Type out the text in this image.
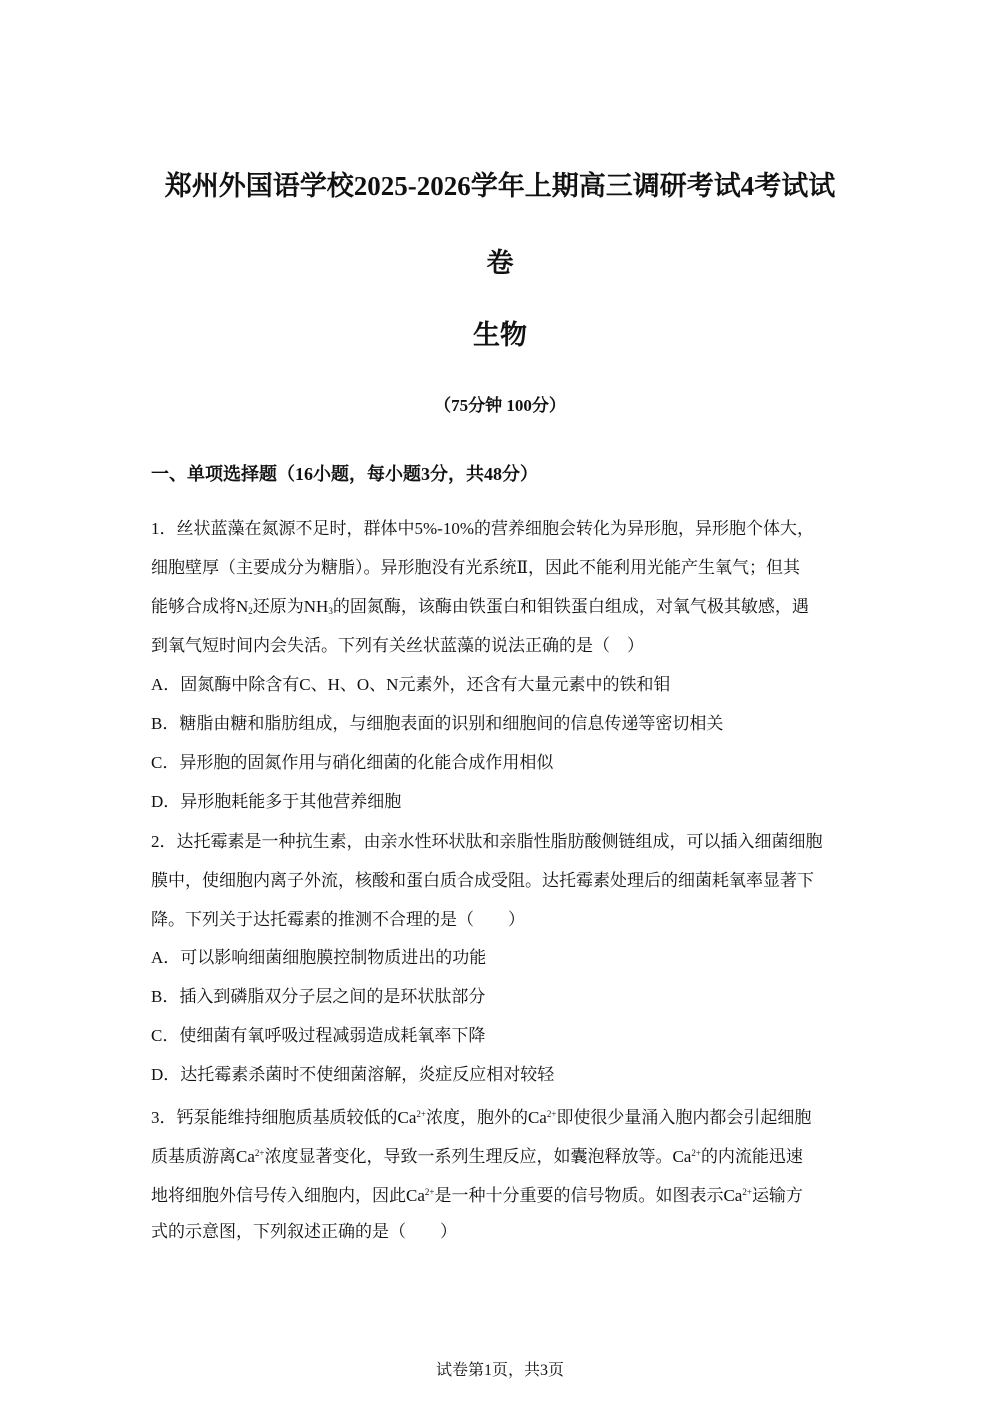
郑州外国语学校2025-2026学年上期高三调研考试4考试试
卷
生物
（75分钟 100分）
一、单项选择题（16小题，每小题3分，共48分）
1．丝状蓝藻在氮源不足时，群体中5%-10%的营养细胞会转化为异形胞，异形胞个体大，
细胞壁厚（主要成分为糖脂）。异形胞没有光系统Ⅱ，因此不能利用光能产生氧气；但其
能够合成将$N_2$还原为$NH_3$的固氮酶，该酶由铁蛋白和钼铁蛋白组成，对氧气极其敏感，遇
到氧气短时间内会失活。下列有关丝状蓝藻的说法正确的是（　）
A．固氮酶中除含有C、H、O、N元素外，还含有大量元素中的铁和钼
B．糖脂由糖和脂肪组成，与细胞表面的识别和细胞间的信息传递等密切相关
C．异形胞的固氮作用与硝化细菌的化能合成作用相似
D．异形胞耗能多于其他营养细胞
2．达托霉素是一种抗生素，由亲水性环状肽和亲脂性脂肪酸侧链组成，可以插入细菌细胞
膜中，使细胞内离子外流，核酸和蛋白质合成受阻。达托霉素处理后的细菌耗氧率显著下
降。下列关于达托霉素的推测不合理的是（　　）
A．可以影响细菌细胞膜控制物质进出的功能
B．插入到磷脂双分子层之间的是环状肽部分
C．使细菌有氧呼吸过程减弱造成耗氧率下降
D．达托霉素杀菌时不使细菌溶解，炎症反应相对较轻
3．钙泵能维持细胞质基质较低的$Ca^{2+}$浓度，胞外的$Ca^{2+}$即使很少量涌入胞内都会引起细胞
质基质游离$Ca^{2+}$浓度显著变化，导致一系列生理反应，如囊泡释放等。$Ca^{2+}$的内流能迅速
地将细胞外信号传入细胞内，因此$Ca^{2+}$是一种十分重要的信号物质。如图表示$Ca^{2+}$运输方
式的示意图，下列叙述正确的是（　　）
试卷第1页，共3页
